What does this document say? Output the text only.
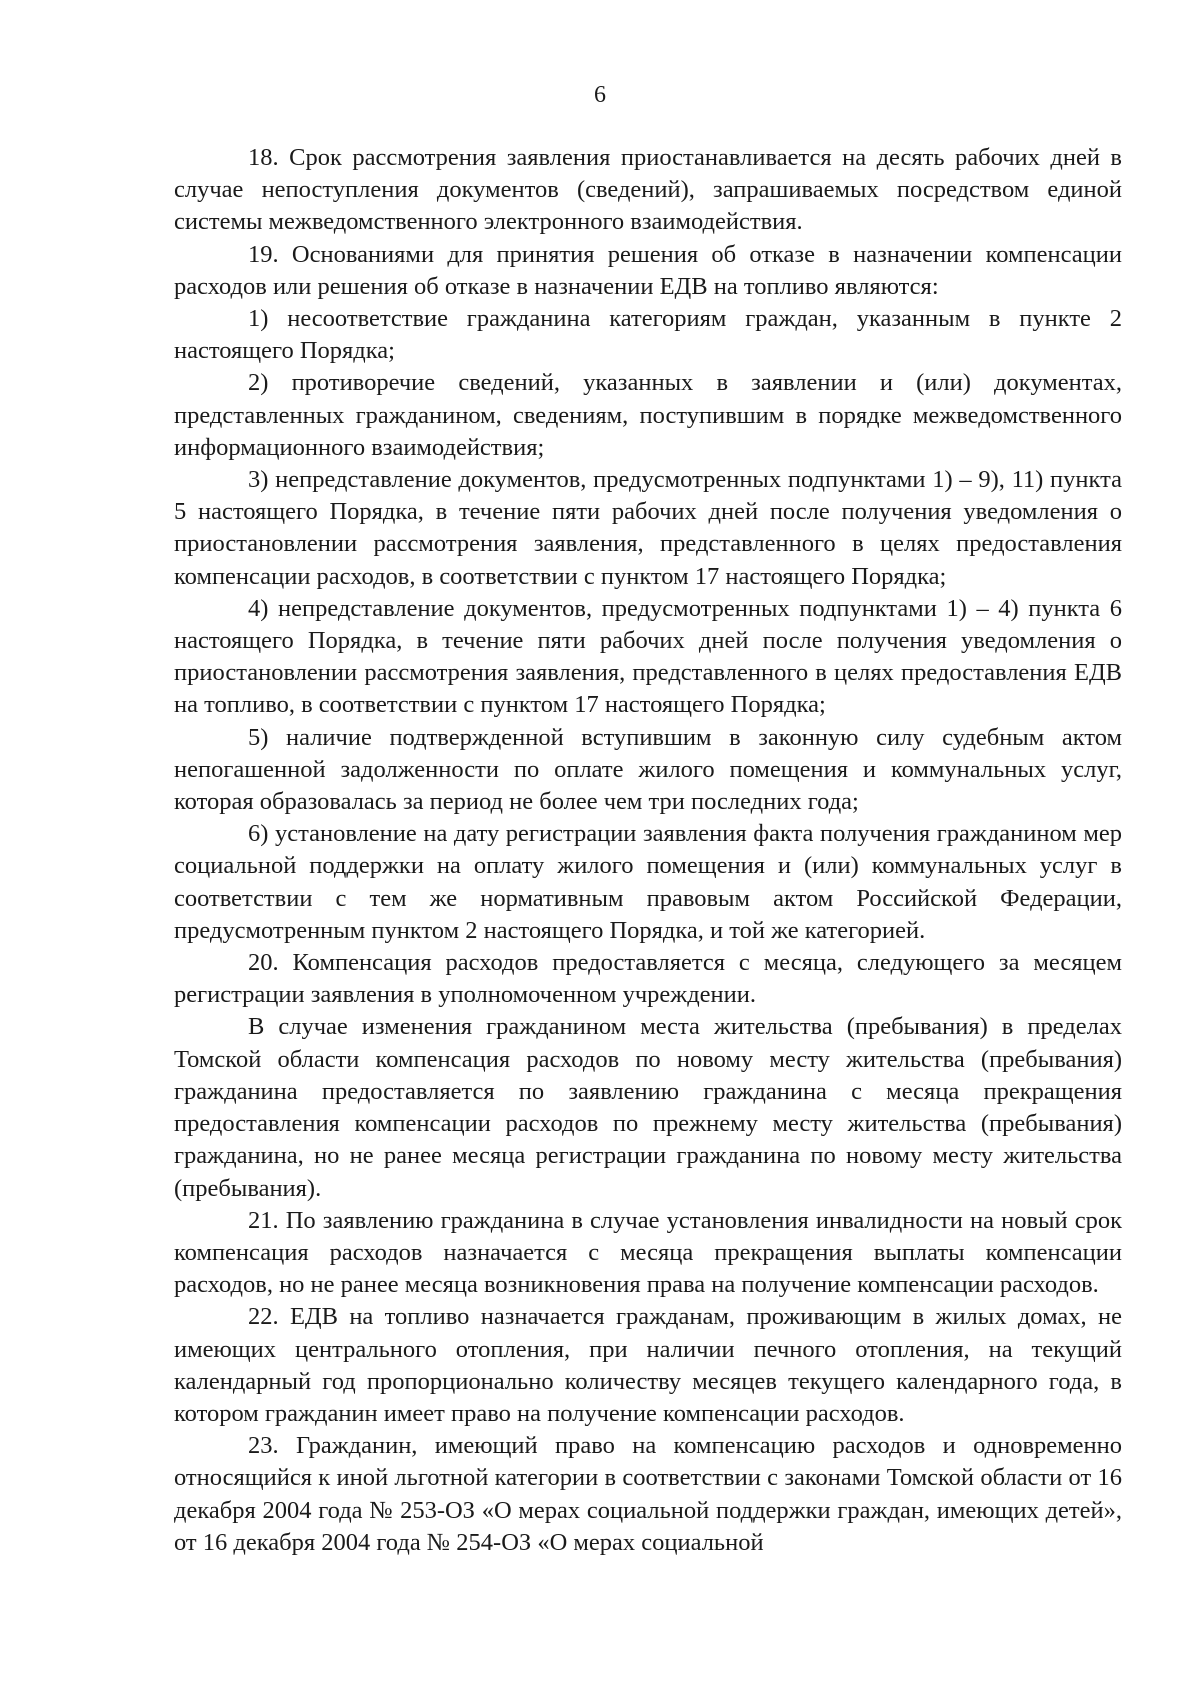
6

18. Срок рассмотрения заявления приостанавливается на десять рабочих дней в случае непоступления документов (сведений), запрашиваемых посредством единой системы межведомственного электронного взаимодействия.

19. Основаниями для принятия решения об отказе в назначении компенсации расходов или решения об отказе в назначении ЕДВ на топливо являются:

1) несоответствие гражданина категориям граждан, указанным в пункте 2 настоящего Порядка;

2) противоречие сведений, указанных в заявлении и (или) документах, представленных гражданином, сведениям, поступившим в порядке межведомственного информационного взаимодействия;

3) непредставление документов, предусмотренных подпунктами 1) – 9), 11) пункта 5 настоящего Порядка, в течение пяти рабочих дней после получения уведомления о приостановлении рассмотрения заявления, представленного в целях предоставления компенсации расходов, в соответствии с пунктом 17 настоящего Порядка;

4) непредставление документов, предусмотренных подпунктами 1) – 4) пункта 6 настоящего Порядка, в течение пяти рабочих дней после получения уведомления о приостановлении рассмотрения заявления, представленного в целях предоставления ЕДВ на топливо, в соответствии с пунктом 17 настоящего Порядка;

5) наличие подтвержденной вступившим в законную силу судебным актом непогашенной задолженности по оплате жилого помещения и коммунальных услуг, которая образовалась за период не более чем три последних года;

6) установление на дату регистрации заявления факта получения гражданином мер социальной поддержки на оплату жилого помещения и (или) коммунальных услуг в соответствии с тем же нормативным правовым актом Российской Федерации, предусмотренным пунктом 2 настоящего Порядка, и той же категорией.

20. Компенсация расходов предоставляется с месяца, следующего за месяцем регистрации заявления в уполномоченном учреждении.

В случае изменения гражданином места жительства (пребывания) в пределах Томской области компенсация расходов по новому месту жительства (пребывания) гражданина предоставляется по заявлению гражданина с месяца прекращения предоставления компенсации расходов по прежнему месту жительства (пребывания) гражданина, но не ранее месяца регистрации гражданина по новому месту жительства (пребывания).

21. По заявлению гражданина в случае установления инвалидности на новый срок компенсация расходов назначается с месяца прекращения выплаты компенсации расходов, но не ранее месяца возникновения права на получение компенсации расходов.

22. ЕДВ на топливо назначается гражданам, проживающим в жилых домах, не имеющих центрального отопления, при наличии печного отопления, на текущий календарный год пропорционально количеству месяцев текущего календарного года, в котором гражданин имеет право на получение компенсации расходов.

23. Гражданин, имеющий право на компенсацию расходов и одновременно относящийся к иной льготной категории в соответствии с законами Томской области от 16 декабря 2004 года № 253-ОЗ «О мерах социальной поддержки граждан, имеющих детей», от 16 декабря 2004 года № 254-ОЗ «О мерах социальной
